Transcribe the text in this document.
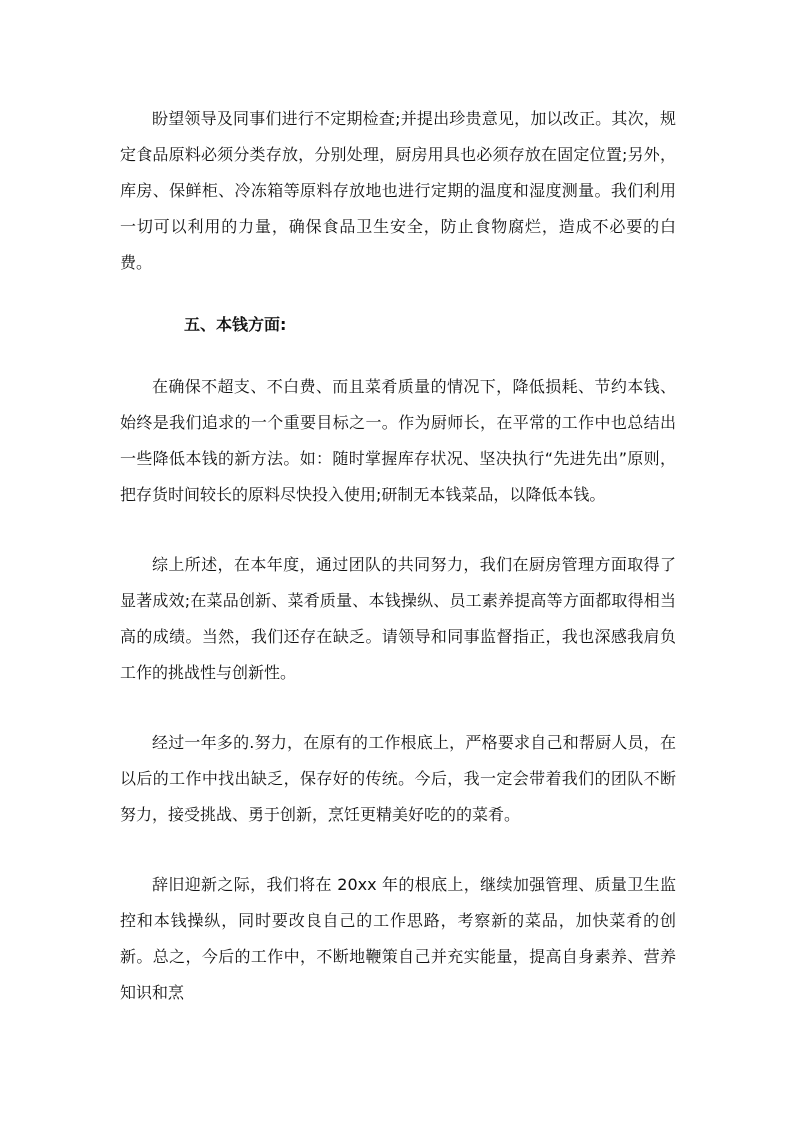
盼望领导及同事们进行不定期检查;并提出珍贵意见，加以改正。其次，规定食品原料必须分类存放，分别处理，厨房用具也必须存放在固定位置;另外，库房、保鲜柜、冷冻箱等原料存放地也进行定期的温度和湿度测量。我们利用一切可以利用的力量，确保食品卫生安全，防止食物腐烂，造成不必要的白费。

五、本钱方面:

在确保不超支、不白费、而且菜肴质量的情况下，降低损耗、节约本钱、始终是我们追求的一个重要目标之一。作为厨师长，在平常的工作中也总结出一些降低本钱的新方法。如：随时掌握库存状况、坚决执行“先进先出”原则，把存货时间较长的原料尽快投入使用;研制无本钱菜品，以降低本钱。

综上所述，在本年度，通过团队的共同努力，我们在厨房管理方面取得了显著成效;在菜品创新、菜肴质量、本钱操纵、员工素养提高等方面都取得相当高的成绩。当然，我们还存在缺乏。请领导和同事监督指正，我也深感我肩负工作的挑战性与创新性。

经过一年多的.努力，在原有的工作根底上，严格要求自己和帮厨人员，在以后的工作中找出缺乏，保存好的传统。今后，我一定会带着我们的团队不断努力，接受挑战、勇于创新，烹饪更精美好吃的的菜肴。

辞旧迎新之际，我们将在 20xx 年的根底上，继续加强管理、质量卫生监控和本钱操纵，同时要改良自己的工作思路，考察新的菜品，加快菜肴的创新。总之，今后的工作中，不断地鞭策自己并充实能量，提高自身素养、营养知识和烹
